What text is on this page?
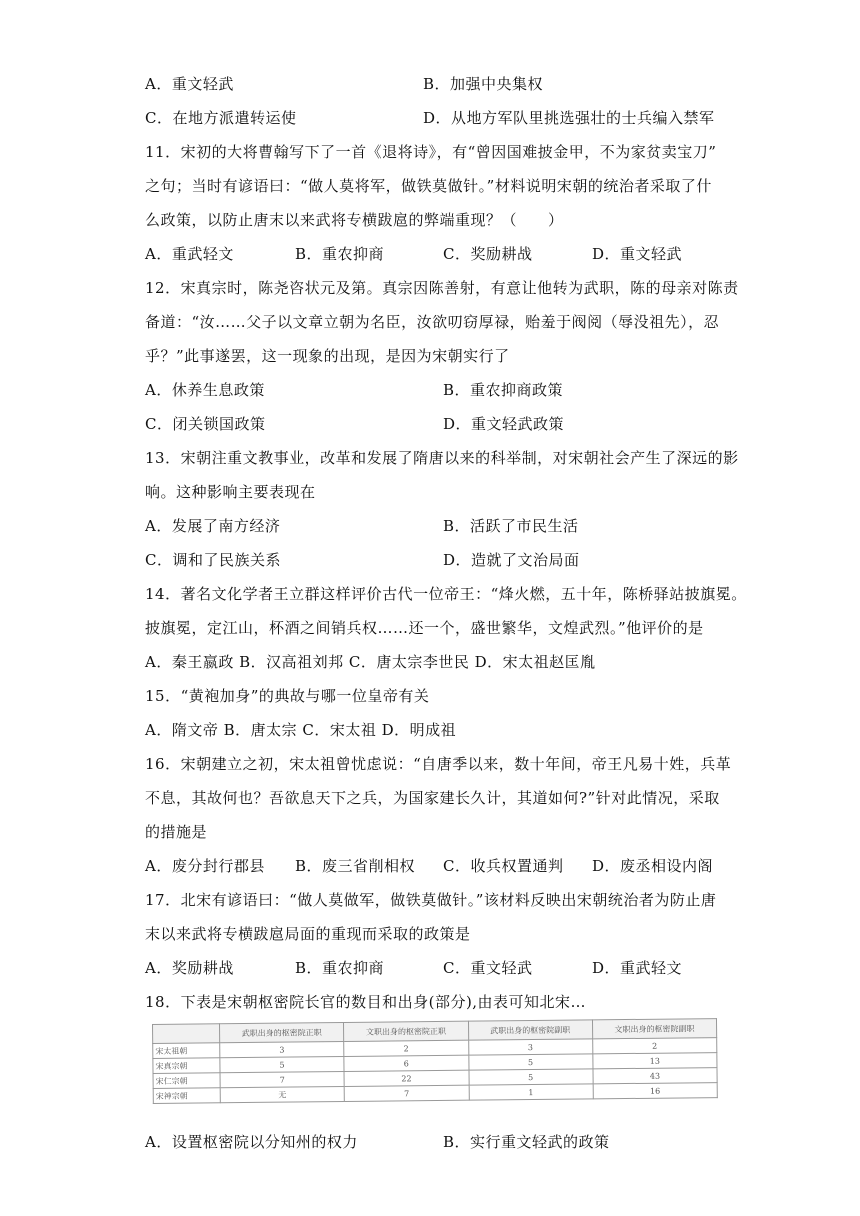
A．重文轻武	B．加强中央集权
C．在地方派遣转运使	D．从地方军队里挑选强壮的士兵编入禁军
11．宋初的大将曹翰写下了一首《退将诗》，有“曾因国难披金甲，不为家贫卖宝刀”
之句；当时有谚语曰：“做人莫将军，做铁莫做针。”材料说明宋朝的统治者采取了什
么政策，以防止唐末以来武将专横跋扈的弊端重现？（　　）
A．重武轻文	B．重农抑商	C．奖励耕战	D．重文轻武
12．宋真宗时，陈尧咨状元及第。真宗因陈善射，有意让他转为武职，陈的母亲对陈责
备道：“汝……父子以文章立朝为名臣，汝欲叨窃厚禄，贻羞于阀阅（辱没祖先），忍
乎？”此事遂罢，这一现象的出现，是因为宋朝实行了
A．休养生息政策	B．重农抑商政策
C．闭关锁国政策	D．重文轻武政策
13．宋朝注重文教事业，改革和发展了隋唐以来的科举制，对宋朝社会产生了深远的影
响。这种影响主要表现在
A．发展了南方经济	B．活跃了市民生活
C．调和了民族关系	D．造就了文治局面
14．著名文化学者王立群这样评价古代一位帝王：“烽火燃，五十年，陈桥驿站披旗冕。
披旗冕，定江山，杯酒之间销兵权……还一个，盛世繁华，文煌武烈。”他评价的是
A．秦王嬴政 B．汉高祖刘邦 C．唐太宗李世民 D．宋太祖赵匡胤
15．“黄袍加身”的典故与哪一位皇帝有关
A．隋文帝 B．唐太宗 C．宋太祖 D．明成祖
16．宋朝建立之初，宋太祖曾忧虑说：“自唐季以来，数十年间，帝王凡易十姓，兵革
不息，其故何也？吾欲息天下之兵，为国家建长久计，其道如何?”针对此情况，采取
的措施是
A．废分封行郡县 B．废三省削相权 C．收兵权置通判 D．废丞相设内阁
17．北宋有谚语曰：“做人莫做军，做铁莫做针。”该材料反映出宋朝统治者为防止唐
末以来武将专横跋扈局面的重现而采取的政策是
A．奖励耕战	B．重农抑商	C．重文轻武	D．重武轻文
18．下表是宋朝枢密院长官的数目和出身(部分),由表可知北宋…
	武职出身的枢密院正职	文职出身的枢密院正职	武职出身的枢密院副职	文职出身的枢密院副职
宋太祖朝	3	2	3	2
宋真宗朝	5	6	5	13
宋仁宗朝	7	22	5	43
宋神宗朝	无	7	1	16
A．设置枢密院以分知州的权力	B．实行重文轻武的政策
